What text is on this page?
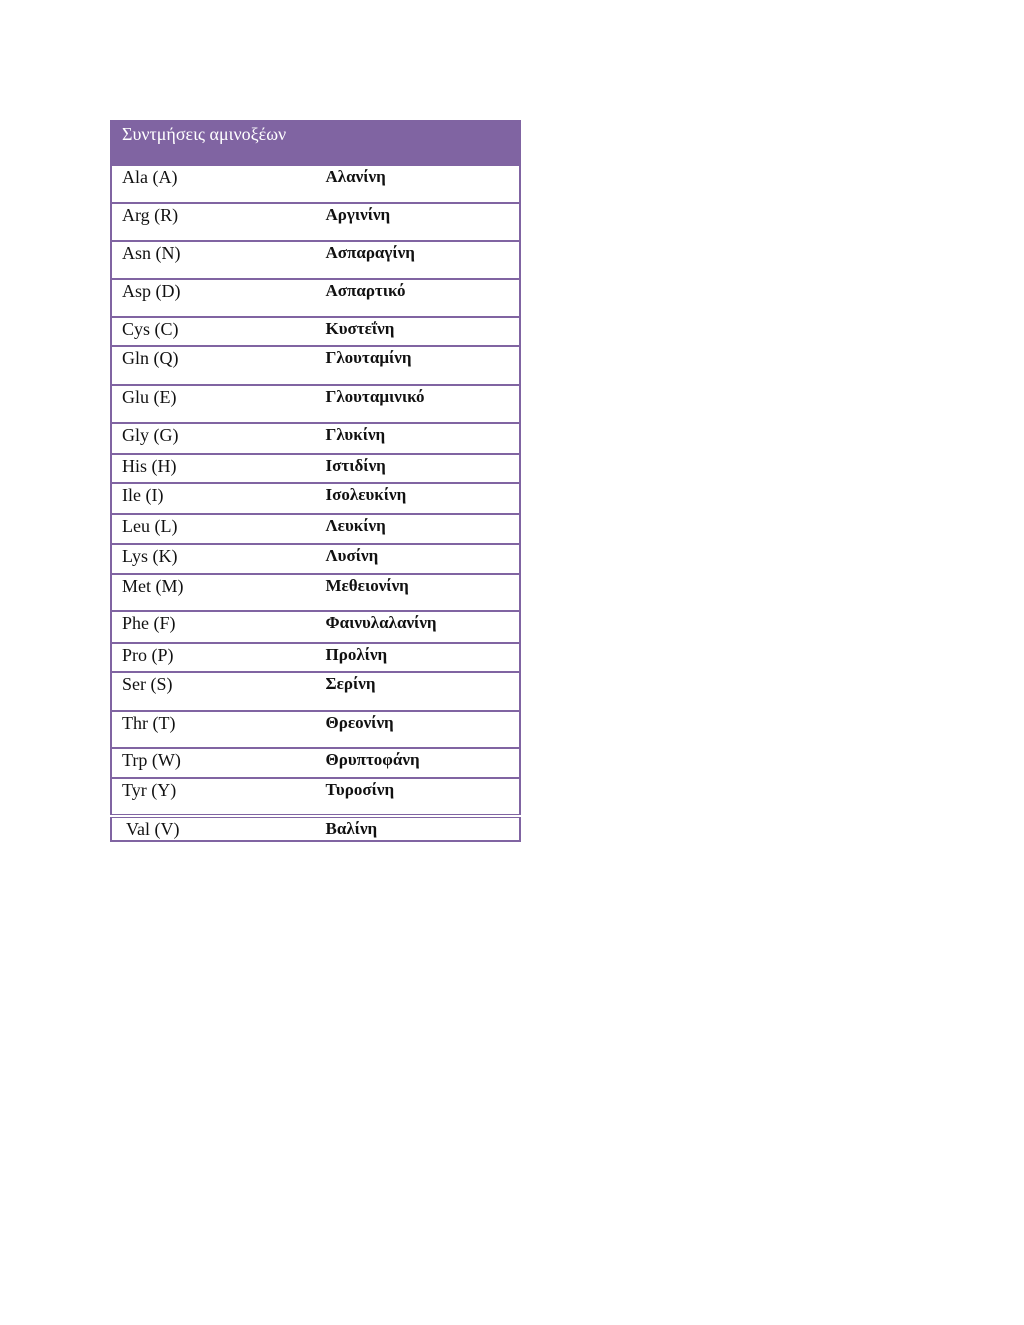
Συντμήσεις αμινοξέων	
Ala (A)	Αλανίνη
Arg (R)	Αργινίνη
Asn (N)	Ασπαραγίνη
Asp (D)	Ασπαρτικό
Cys (C)	Κυστεΐνη
Gln (Q)	Γλουταμίνη
Glu (E)	Γλουταμινικό
Gly (G)	Γλυκίνη
His (H)	Ιστιδίνη
Ile (I)	Ισολευκίνη
Leu (L)	Λευκίνη
Lys (K)	Λυσίνη
Met (M)	Μεθειονίνη
Phe (F)	Φαινυλαλανίνη
Pro (P)	Προλίνη
Ser (S)	Σερίνη
Thr (T)	Θρεονίνη
Trp (W)	Θρυπτοφάνη
Tyr (Y)	Τυροσίνη
Val (V)	Βαλίνη
